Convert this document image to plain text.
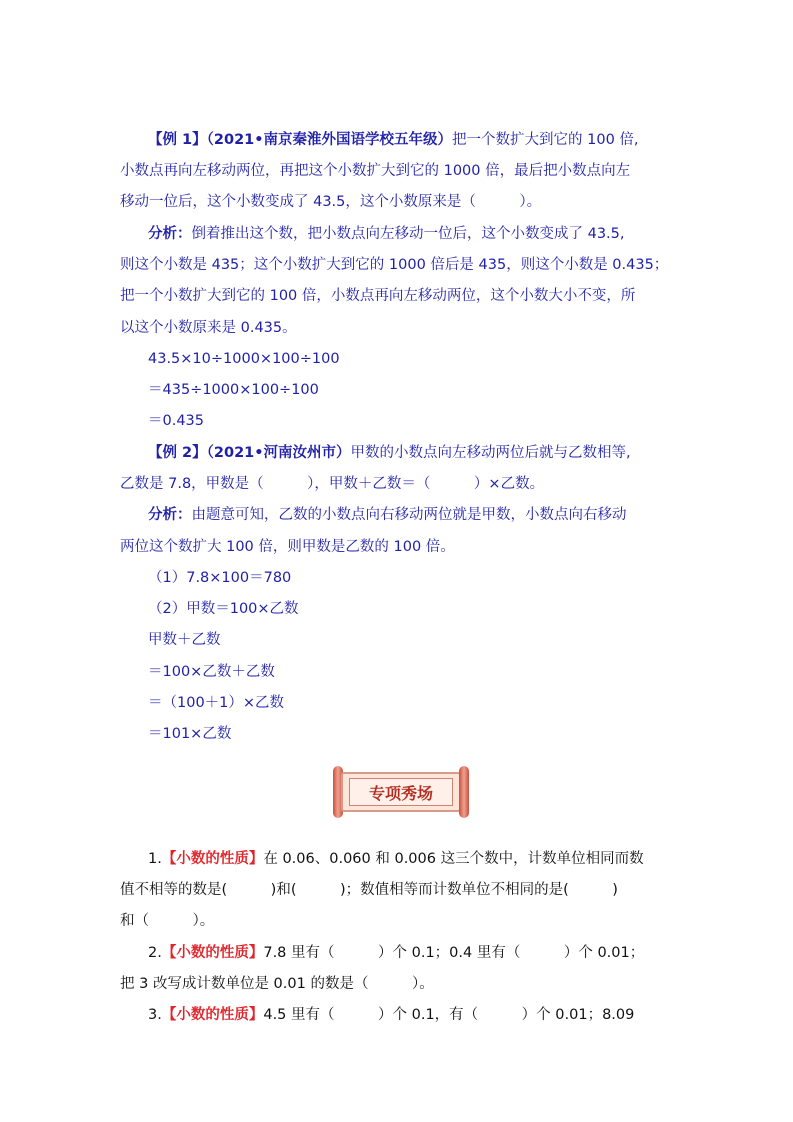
【例 1】（2021•南京秦淮外国语学校五年级）把一个数扩大到它的 100 倍,
小数点再向左移动两位，再把这个小数扩大到它的 1000 倍，最后把小数点向左
移动一位后，这个小数变成了 43.5，这个小数原来是（　　　）。
分析：倒着推出这个数，把小数点向左移动一位后，这个小数变成了 43.5,
则这个小数是 435；这个小数扩大到它的 1000 倍后是 435，则这个小数是 0.435；
把一个小数扩大到它的 100 倍，小数点再向左移动两位，这个小数大小不变，所
以这个小数原来是 0.435。
43.5×10÷1000×100÷100
＝435÷1000×100÷100
＝0.435
【例 2】（2021•河南汝州市）甲数的小数点向左移动两位后就与乙数相等,
乙数是 7.8，甲数是（　　　），甲数＋乙数＝（　　　）×乙数。
分析：由题意可知，乙数的小数点向右移动两位就是甲数，小数点向右移动
两位这个数扩大 100 倍，则甲数是乙数的 100 倍。
（1）7.8×100＝780
（2）甲数＝100×乙数
甲数＋乙数
＝100×乙数＋乙数
＝（100＋1）×乙数
＝101×乙数
专项秀场
1.【小数的性质】在 0.06、0.060 和 0.006 这三个数中，计数单位相同而数
值不相等的数是(　　　)和(　　　)；数值相等而计数单位不相同的是(　　　)
和（　　　）。
2.【小数的性质】7.8 里有（　　　）个 0.1；0.4 里有（　　　）个 0.01；
把 3 改写成计数单位是 0.01 的数是（　　　）。
3.【小数的性质】4.5 里有（　　　）个 0.1，有（　　　）个 0.01；8.09
